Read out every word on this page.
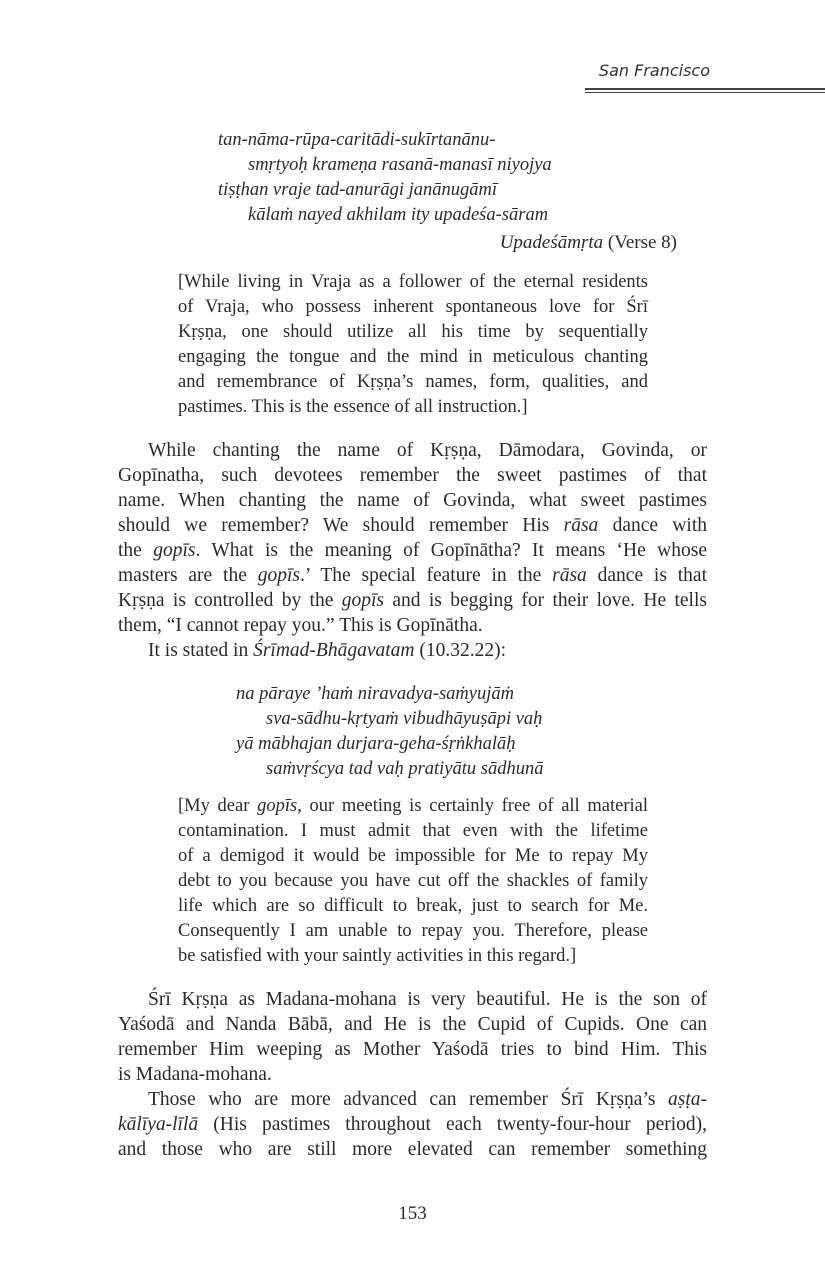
San Francisco
tan-nāma-rūpa-caritādi-sukīrtanānu-
smṛtyoḥ krameṇa rasanā-manasī niyojya
tiṣṭhan vraje tad-anurāgi janānugāmī
kālaṁ nayed akhilam ity upadeśa-sāram
Upadeśāmṛta (Verse 8)
[While living in Vraja as a follower of the eternal residents
of Vraja, who possess inherent spontaneous love for Śrī
Kṛṣṇa, one should utilize all his time by sequentially
engaging the tongue and the mind in meticulous chanting
and remembrance of Kṛṣṇa’s names, form, qualities, and
pastimes. This is the essence of all instruction.]
While chanting the name of Kṛṣṇa, Dāmodara, Govinda, or
Gopīnatha, such devotees remember the sweet pastimes of that
name. When chanting the name of Govinda, what sweet pastimes
should we remember? We should remember His rāsa dance with
the gopīs. What is the meaning of Gopīnātha? It means ‘He whose
masters are the gopīs.’ The special feature in the rāsa dance is that
Kṛṣṇa is controlled by the gopīs and is begging for their love. He tells
them, “I cannot repay you.” This is Gopīnātha.
It is stated in Śrīmad-Bhāgavatam (10.32.22):
na pāraye ’haṁ niravadya-saṁyujāṁ
sva-sādhu-kṛtyaṁ vibudhāyuṣāpi vaḥ
yā mābhajan durjara-geha-śṛṅkhalāḥ
saṁvṛścya tad vaḥ pratiyātu sādhunā
[My dear gopīs, our meeting is certainly free of all material
contamination. I must admit that even with the lifetime
of a demigod it would be impossible for Me to repay My
debt to you because you have cut off the shackles of family
life which are so difficult to break, just to search for Me.
Consequently I am unable to repay you. Therefore, please
be satisfied with your saintly activities in this regard.]
Śrī Kṛṣṇa as Madana-mohana is very beautiful. He is the son of
Yaśodā and Nanda Bābā, and He is the Cupid of Cupids. One can
remember Him weeping as Mother Yaśodā tries to bind Him. This
is Madana-mohana.
Those who are more advanced can remember Śrī Kṛṣṇa’s aṣṭa-
kālīya-līlā (His pastimes throughout each twenty-four-hour period),
and those who are still more elevated can remember something
153
